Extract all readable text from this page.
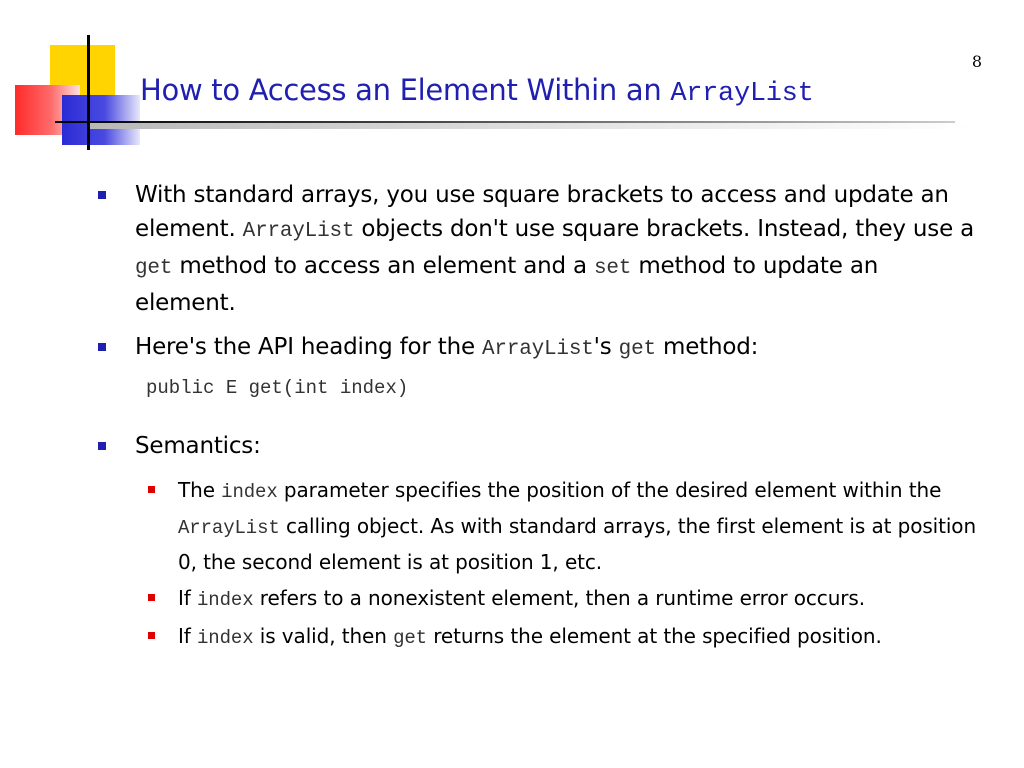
8
How to Access an Element Within an ArrayList
With standard arrays, you use square brackets to access and update an element. ArrayList objects don't use square brackets. Instead, they use a get method to access an element and a set method to update an element.
Here's the API heading for the ArrayList's get method:
public E get(int index)
Semantics:
The index parameter specifies the position of the desired element within the ArrayList calling object. As with standard arrays, the first element is at position 0, the second element is at position 1, etc.
If index refers to a nonexistent element, then a runtime error occurs.
If index is valid, then get returns the element at the specified position.
